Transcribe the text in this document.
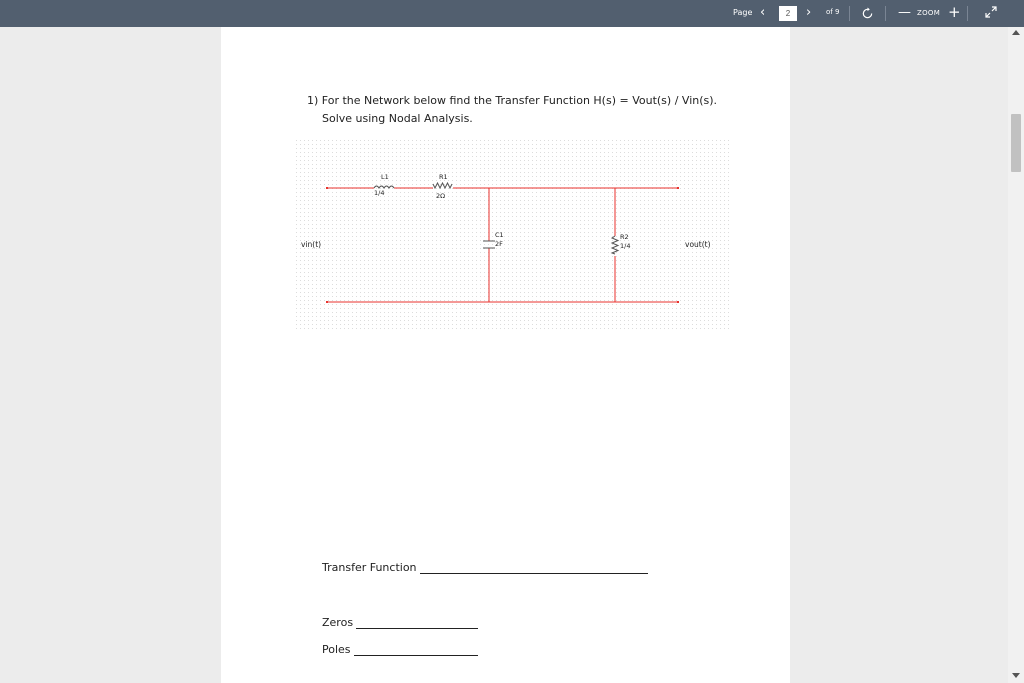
Page ‹
2	› of 9	— ZOOM +
1) For the Network below find the Transfer Function H(s) = Vout(s) / Vin(s).
Solve using Nodal Analysis.
L1
1/4
R1
2Ω
C1
2F
R2
1/4
vin(t)	vout(t)
Transfer Function
Zeros
Poles
